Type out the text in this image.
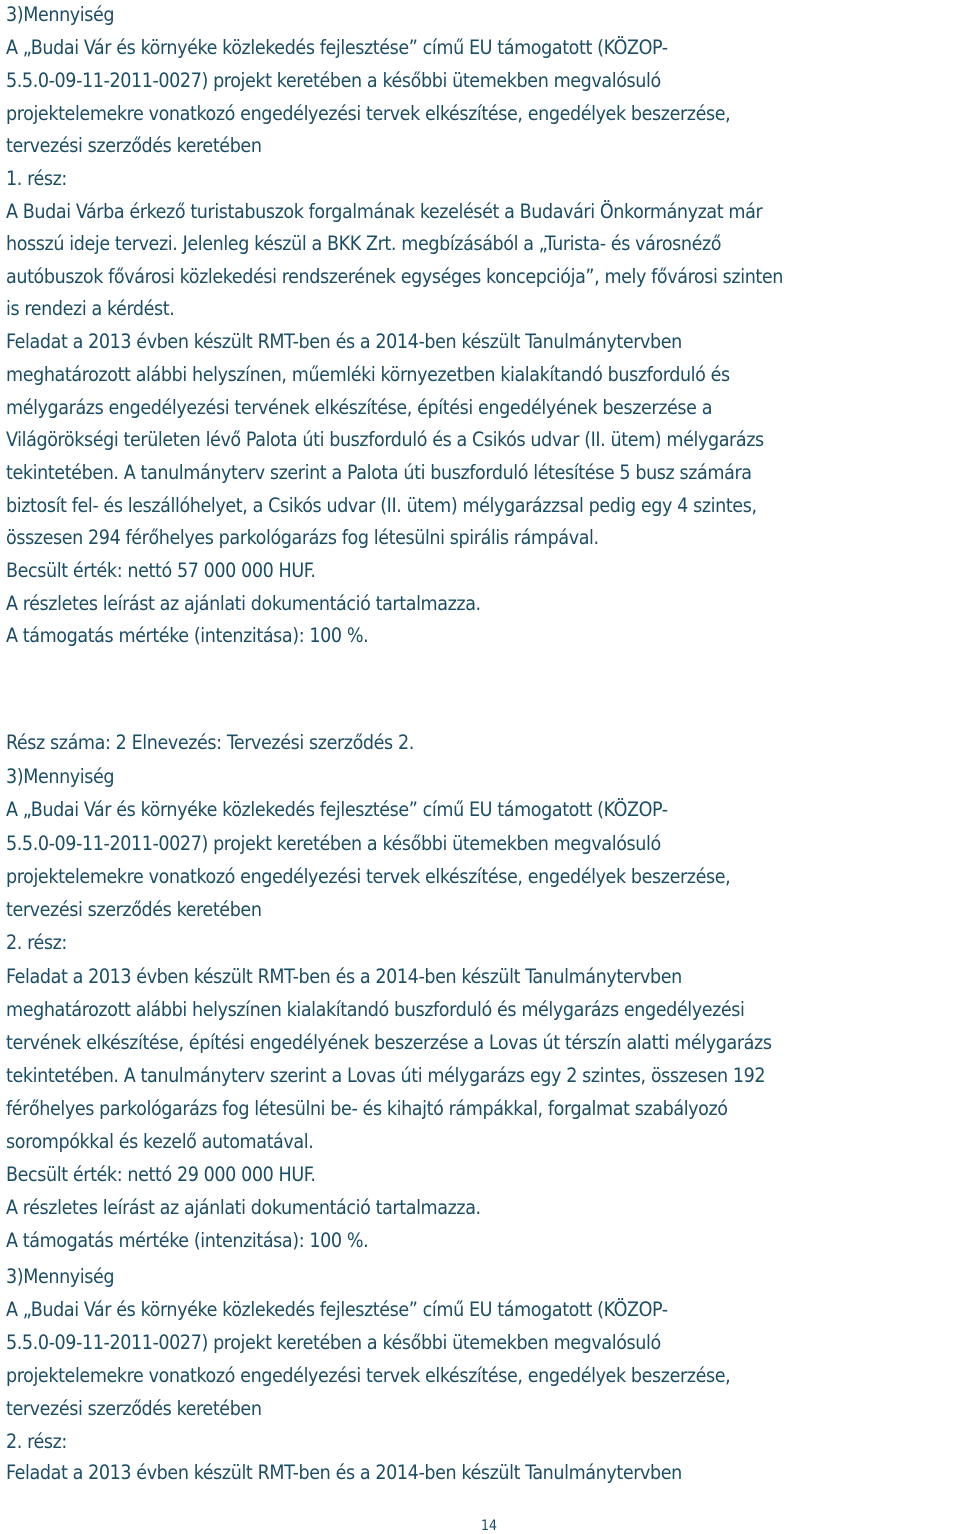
3)Mennyiség
A „Budai Vár és környéke közlekedés fejlesztése” című EU támogatott (KÖZOP-
5.5.0-09-11-2011-0027) projekt keretében a későbbi ütemekben megvalósuló
projektelemekre vonatkozó engedélyezési tervek elkészítése, engedélyek beszerzése,
tervezési szerződés keretében
1. rész:
A Budai Várba érkező turistabuszok forgalmának kezelését a Budavári Önkormányzat már
hosszú ideje tervezi. Jelenleg készül a BKK Zrt. megbízásából a „Turista- és városnéző
autóbuszok fővárosi közlekedési rendszerének egységes koncepciója”, mely fővárosi szinten
is rendezi a kérdést.
Feladat a 2013 évben készült RMT-ben és a 2014-ben készült Tanulmánytervben
meghatározott alábbi helyszínen, műemléki környezetben kialakítandó buszforduló és
mélygarázs engedélyezési tervének elkészítése, építési engedélyének beszerzése a
Világörökségi területen lévő Palota úti buszforduló és a Csikós udvar (II. ütem) mélygarázs
tekintetében. A tanulmányterv szerint a Palota úti buszforduló létesítése 5 busz számára
biztosít fel- és leszállóhelyet, a Csikós udvar (II. ütem) mélygarázzsal pedig egy 4 szintes,
összesen 294 férőhelyes parkológarázs fog létesülni spirális rámpával.
Becsült érték: nettó 57 000 000 HUF.
A részletes leírást az ajánlati dokumentáció tartalmazza.
A támogatás mértéke (intenzitása): 100 %.
Rész száma: 2 Elnevezés: Tervezési szerződés 2.
3)Mennyiség
A „Budai Vár és környéke közlekedés fejlesztése” című EU támogatott (KÖZOP-
5.5.0-09-11-2011-0027) projekt keretében a későbbi ütemekben megvalósuló
projektelemekre vonatkozó engedélyezési tervek elkészítése, engedélyek beszerzése,
tervezési szerződés keretében
2. rész:
Feladat a 2013 évben készült RMT-ben és a 2014-ben készült Tanulmánytervben
meghatározott alábbi helyszínen kialakítandó buszforduló és mélygarázs engedélyezési
tervének elkészítése, építési engedélyének beszerzése a Lovas út térszín alatti mélygarázs
tekintetében. A tanulmányterv szerint a Lovas úti mélygarázs egy 2 szintes, összesen 192
férőhelyes parkológarázs fog létesülni be- és kihajtó rámpákkal, forgalmat szabályozó
sorompókkal és kezelő automatával.
Becsült érték: nettó 29 000 000 HUF.
A részletes leírást az ajánlati dokumentáció tartalmazza.
A támogatás mértéke (intenzitása): 100 %.
3)Mennyiség
A „Budai Vár és környéke közlekedés fejlesztése” című EU támogatott (KÖZOP-
5.5.0-09-11-2011-0027) projekt keretében a későbbi ütemekben megvalósuló
projektelemekre vonatkozó engedélyezési tervek elkészítése, engedélyek beszerzése,
tervezési szerződés keretében
2. rész:
Feladat a 2013 évben készült RMT-ben és a 2014-ben készült Tanulmánytervben
14
